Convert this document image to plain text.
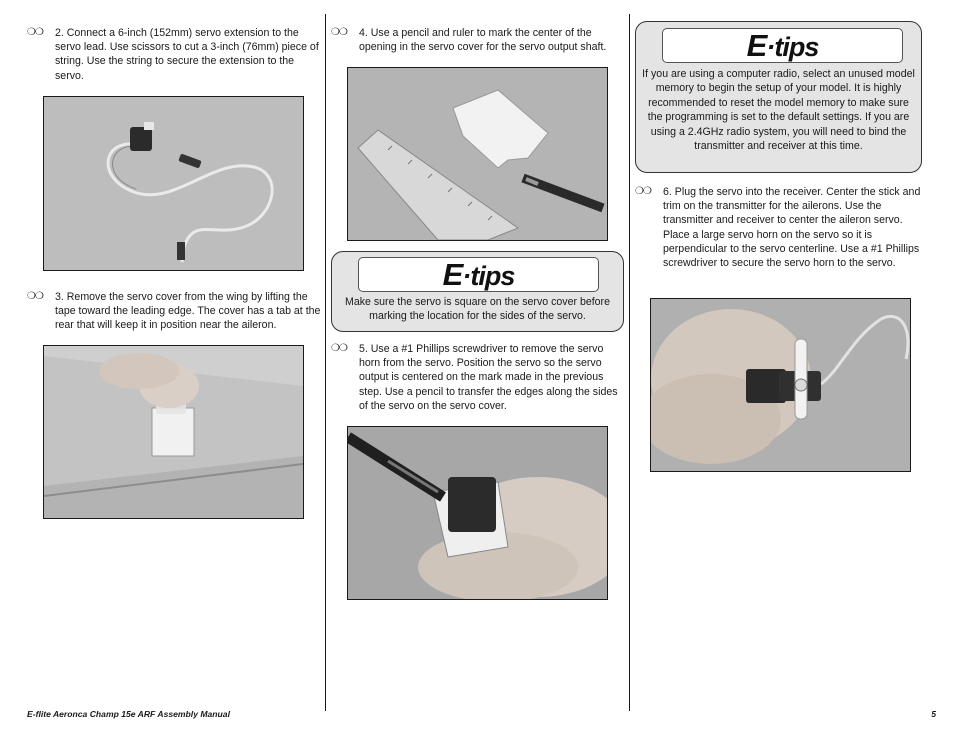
❍❍	2. Connect a 6-inch (152mm) servo extension to the servo lead. Use scissors to cut a 3-inch (76mm) piece of string. Use the string to secure the extension to the servo.
❍❍	3. Remove the servo cover from the wing by lifting the tape toward the leading edge. The cover has a tab at the rear that will keep it in position near the aileron.
❍❍	4. Use a pencil and ruler to mark the center of the opening in the servo cover for the servo output shaft.
E·tips
Make sure the servo is square on the servo cover before marking the location for the sides of the servo.
❍❍	5. Use a #1 Phillips screwdriver to remove the servo horn from the servo. Position the servo so the servo output is centered on the mark made in the previous step. Use a pencil to transfer the edges along the sides of the servo on the servo cover.
E·tips
If you are using a computer radio, select an unused model memory to begin the setup of your model. It is highly recommended to reset the model memory to make sure the programming is set to the default settings. If you are using a 2.4GHz radio system, you will need to bind the transmitter and receiver at this time.
❍❍	6. Plug the servo into the receiver. Center the stick and trim on the transmitter for the ailerons. Use the transmitter and receiver to center the aileron servo. Place a large servo horn on the servo so it is perpendicular to the servo centerline. Use a #1 Phillips screwdriver to secure the servo horn to the servo.
E-flite Aeronca Champ 15e ARF Assembly Manual	5
